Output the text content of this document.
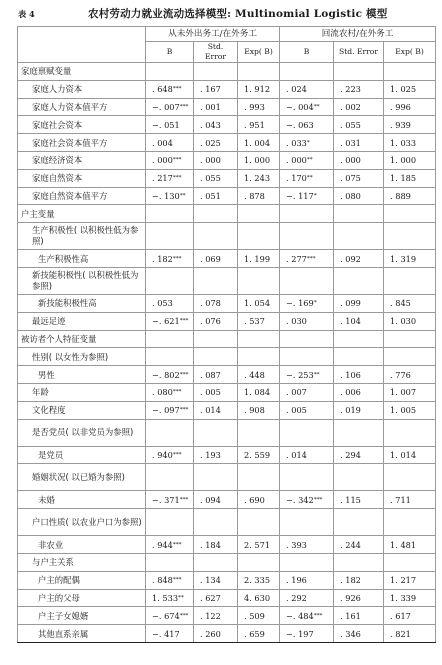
表 4	农村劳动力就业流动选择模型: Multinomial Logistic 模型
	从未外出务工/在外务工			回流农村/在外务工		
	B	Std. Error	Exp( B)	B	Std. Error	Exp( B)
家庭禀赋变量						
家庭人力资本	. 648***	. 167	1. 912	. 024	. 223	1. 025
家庭人力资本值平方	−. 007***	. 001	. 993	−. 004**	. 002	. 996
家庭社会资本	−. 051	. 043	. 951	−. 063	. 055	. 939
家庭社会资本值平方	. 004	. 025	1. 004	. 033*	. 031	1. 033
家庭经济资本	. 000***	. 000	1. 000	. 000**	. 000	1. 000
家庭自然资本	. 217***	. 055	1. 243	. 170**	. 075	1. 185
家庭自然资本值平方	−. 130**	. 051	. 878	−. 117*	. 080	. 889
户主变量						
生产积极性( 以积极性低为参照)						
生产积极性高	. 182***	. 069	1. 199	. 277***	. 092	1. 319
新技能积极性( 以积极性低为参照)						
新技能积极性高	. 053	. 078	1. 054	−. 169*	. 099	. 845
最远足迹	−. 621***	. 076	. 537	. 030	. 104	1. 030
被访者个人特征变量						
性别( 以女性为参照)						
男性	−. 802***	. 087	. 448	−. 253**	. 106	. 776
年龄	. 080***	. 005	1. 084	. 007	. 006	1. 007
文化程度	−. 097***	. 014	. 908	. 005	. 019	1. 005
是否党员( 以非党员为参照)						
是党员	. 940***	. 193	2. 559	. 014	. 294	1. 014
婚姻状况( 以已婚为参照)						
未婚	−. 371***	. 094	. 690	−. 342***	. 115	. 711
户口性质( 以农业户口为参照)						
非农业	. 944***	. 184	2. 571	. 393	. 244	1. 481
与户主关系						
户主的配偶	. 848***	. 134	2. 335	. 196	. 182	1. 217
户主的父母	1. 533**	. 627	4. 630	. 292	. 926	1. 339
户主子女媳婿	−. 674***	. 122	. 509	−. 484***	. 161	. 617
其他直系亲属	−. 417	. 260	. 659	−. 197	. 346	. 821
